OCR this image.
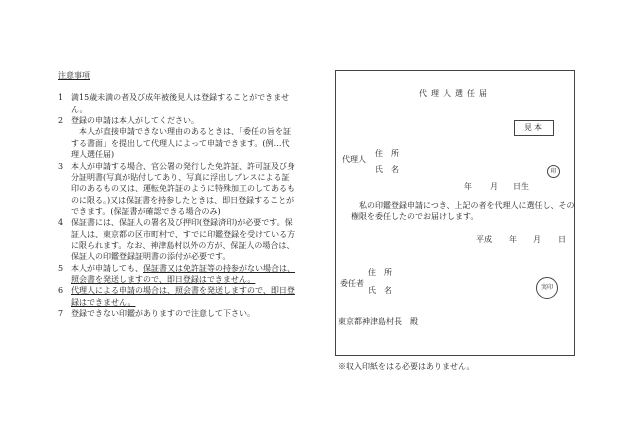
注意事項
1 満15歳未満の者及び成年被後見人は登録することができません。
2 登録の申請は本人がしてください。
本人が直接申請できない理由のあるときは、「委任の旨を証する書面」を提出して代理人によって申請できます。(例…代理人選任届)
3 本人が申請する場合、官公署の発行した免許証、許可証及び身分証明書(写真が貼付してあり、写真に浮出しプレスによる証印のあるもの又は、運転免許証のように特殊加工のしてあるものに限る。)又は保証書を持参したときは、即日登録することができます。(保証書が確認できる場合のみ)
4 保証書には、保証人の署名及び押印(登録済印)が必要です。保証人は、東京都の区市町村で、すでに印鑑登録を受けている方に限られます。なお、神津島村以外の方が、保証人の場合は、保証人の印鑑登録証明書の添付が必要です。
5 本人が申請しても、保証書又は免許証等の持参がない場合は、照会書を発送しますので、即日登録はできません。
6 代理人による申請の場合は、照会書を発送しますので、即日登録はできません。
7 登録できない印鑑がありますので注意して下さい。
代理人選任届
見本
代理人
住　所
氏　名	印
年 月 日生
私の印鑑登録申請につき、上記の者を代理人に選任し、その権限を委任したのでお届けします。
平成 年 月 日
住　所
委任者
氏　名	実印
東京都神津島村長　殿
※収入印紙をはる必要はありません。
